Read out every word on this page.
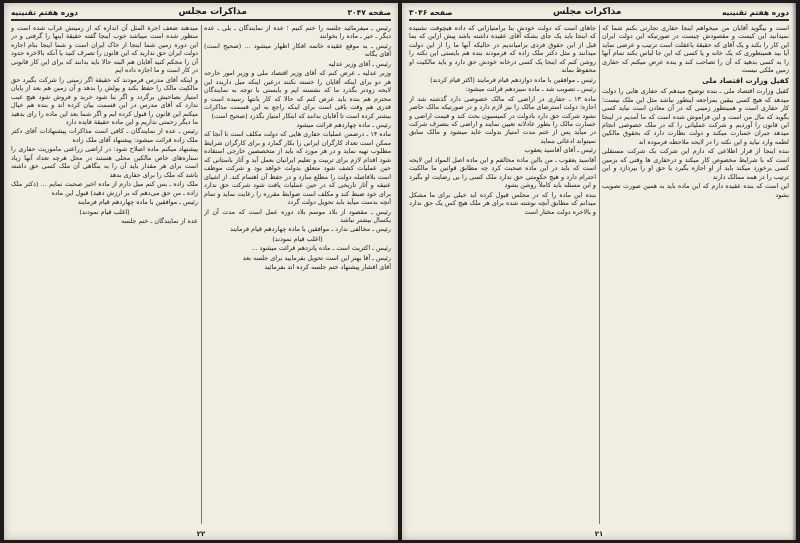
صفحه ۳۰۴۷
مذاکرات مجلس
دوره هفتم تقنینیه

رئیس ـ میفرمائید جلسه را ختم کنیم ؛ عده از نمایندگان ـ بلی ـ عده دیگر ـ خیر ـ ماده را بخوانند

رئیس ـ به موقع عقیده خاتمه افکار اظهار میشود ... (صحیح است) آقای یگانه

رئیس ـ آقای وزیر عدلیه

وزیر عدلیه ـ عرض کنم که آقای وزیر اقتصاد ملی و وزیر امور خارجه هر دو برای اینکه آقایان را خسته نکنند درعین اینکه میل داریدد این لایحه زودتر بگذرد ما که نشسته ایم و بایستی با توجه به نمایندگان محترم هم بنده باید عرض کنم که حالا که کار بانتها رسیده است و قدری هم وقت باقی است برای اینکه راجع به این قسمت مذاکرات بیشتر کرده است تا آقایان بدانند که ابتکار امتیاز بگذرد (صحیح است)

رئیس ـ ماده چهاردهم قرائت میشود

ماده ۱۴ ـ درضمن عملیات حفاری هایی که دولت مکلف است تا آنجا که ممکن است تعداد کارگران ایرانی را بکار گمارد و برای کارگران شرایط مطلوب تهیه نماید و در هر مورد که باید از متخصصین خارجی استفاده شود اقدام لازم برای تربیت و تعلیم ایرانیان بعمل آید و آثار باستانی که حین عملیات کشف شود متعلق بدولت خواهد بود و شرکت موظف است بلافاصله دولت را مطلع سازد و در حفظ آن اهتمام کند. از اشیای عتیقه و آثار تاریخی که در حین عملیات یافت شود شرکت حق ندارد برای خود ضبط کند و مکلف است ضوابط مقرره را رعایت نماید و تمام آنچه بدست میآید باید تحویل دولت گردد

رئیس ـ مقصود از بلاد موسم بلاد دوره عمل است که مدت آن از یکسال بیشتر نباشد

رئیس ـ مخالفی ندارد ـ موافقین با ماده چهاردهم قیام فرمایند

(اغلب قیام نمودند)

رئیس ـ اکثریت است ـ ماده پانزدهم قرائت میشود ...

رئیس ـ آقا بهتر این است تحویل بفرمایید برای جلسه بعد

آقای افشار پیشنهاد ختم جلسه کرده اند بفرمائید

میدهند ضعف اجرة المثل آن اندازه که از زمینش غراب شده است و منظور شده است میباشد خوب اینجا گفته حقیقة اینها را گرفتی و در این دوره زمین شما اینجا از خاک ایران است و شما اینجا بنام اجازه دولت ایران حق ندارید که این قانون را تصرف کنید یا آنکه بالاخره حدود آن را محکم کنید آقایان هم البته حالا باید بدانند که برای این کار قانونی در کار است و ما اجازه داده ایم

و اینکه آقای مدرس فرمودند که حقیقة اگر زمینی را شرکت بگیرد حق مالکیت مالک را حفظ بکند و پولش را بدهد و آن زمین هم بعد از پایان امتیاز بصاحبش برگردد و اگر بنا شود خرید و فروش شود هیچ عیب ندارد که آقای مدرس در این قسمت بیان کرده اند و بنده هم خیال میکنم این قانون را قبول کرده ایم و اگر شما بعد این ماده را رای بدهید ما دیگر زحمتی نداریم و این ماده حقیقة فایده دارد

رئیس ـ عده از نمایندگان ـ کافی است مذاکرات پیشنهادات آقای دکتر ملک زاده قرائت میشود: پیشنهاد آقای ملک زاده

پیشنهاد میکنم ماده اصلاح شود: در اراضی زراعتی ماموریت حفاری را ستاره‌های خاص مالکین محلی هستند در محل هرچه تعداد آنها زیاد است برای هر مقدار باید آن را به بنگاهی آن ملک کسی حق داشته باشد که ملک را برای حفاری بدهد

ملک زاده ـ بس کنم میل دارم از ماده اخیر صحبت نمایم ... (دکتر ملک زاده ـ من حق می‌دهم که بر ارزش دهید) قبول این ماده

رئیس ـ موافقین با ماده چهاردهم قیام فرمایند

(اغلب قیام نمودند)

عده از نمایندگان ـ ختم جلسه

٢٢
دوره هفتم تقنینیه
مذاکرات مجلس
صفحه ۳۰۴۶

است و بیگوید آقایان من میخواهم اینجا حفاری تجارتی بکنم شما که نمیدانید این کیست و مقصودش چیست در صورتیکه این دولت ایران این کار را بکند و یک آقای که حقیقة باعقلت است ترتیب و عرضی نماید آیا بید همینطوری که یک خانه و یا کسی که این جا لباس بکند تمام آنها را به کسی بدهید که آن را تصاحب کند و بنده عرض میکنم که حفاری زمین ملکی نیست

کفیل وزارت اقتصاد ملی

کفیل وزارت اقتصاد ملی ـ بنده توضیح میدهم که حفاری هایی را دولت میدهد که هیچ کسی بیقین بمراجعه اینطور نباشد مثل این ملک نیست؛ کار حفاری است و همینطور زمینی که در آن معادن است نباید کسی بگوید که مال من است و این فراموش شده است که ما آمدیم در اینجا این قانون را آوردیم و شرکت عملیاتی را که در ملک خصوصی انجام میدهد جبران خسارت میکند و دولت نظارت دارد که بحقوق مالکین لطمه وارد نیاید و این نکته را در لایحه ملاحظه فرموده اند

بنده اینجا از قرار اطلاعی که دارم این شرکت یک شرکت مستقلی است که با شرایط مخصوص کار میکند و درحفاری ها وقتی که بزمین کسی برخورد میکند باید از او اجازه بگیرد یا حق او را بپردازد و این ترتیب را در همه ممالک دارند

این است که بنده عقیده دارم که این ماده باید به همین صورت تصویب بشود

جاهای است که دولت خودش بنا برامتیازاتی که داده هیچوقت نشنیده که اینجا باید یک جای بشکه آقای عقیده داشته باشد پیش ازاین که بما قبل از این حقوق فردی برامیاندیم در حالیکه آنها ما را از این دولت میدانند و مثل دکتر ملک زاده که فرمودند بنده هم بایستی این نکته را روشن کنم که اینجا یک کسی درخانه خودش حق دارد و باید مالکیت او محفوظ بماند

رئیس ـ موافقین با ماده دوازدهم قیام فرمایند (اکثر قیام کردند)

رئیس ـ تصویب شد ـ ماده سیزدهم قرائت میشود:

ماده ۱۳ ـ حفاری در اراضی که مالک خصوصی دارد گذشته شد از اجازه؛ دولت استرضای مالک را نیز لازم دارد و در صورتیکه مالک حاضر نشود شرکت حق دارد بادولت در کمیسیون بحث کند و قیمت اراضی و خسارت مالک را بطور عادلانه تعیین نمایند و اراضی که بتصرف شرکت در میآید پس از ختم مدت امتیاز بدولت عاید میشود و مالک سابق نمیتواند ادعائی بنماید

رئیس ـ آقای آقاسید یعقوب

آقاسید یعقوب ـ من بااین ماده مخالفم و این ماده اصل المواد این لایحه است که باید در این ماده صحبت کرد چه مطابق قوانین ما مالکیت احترام دارد و هیچ حکومتی حق ندارد ملک کسی را بی رضایت او بگیرد و این مسئله باید کاملاً روشن بشود

بنده این ماده را که در مجلس قبول کرده اید خیلی برای ما مشکل میدانم که مطابق آنچه نوشته شده برای هر ملک هیچ کس یک حق ندارد و بالاخره دولت مختار است

٢١
